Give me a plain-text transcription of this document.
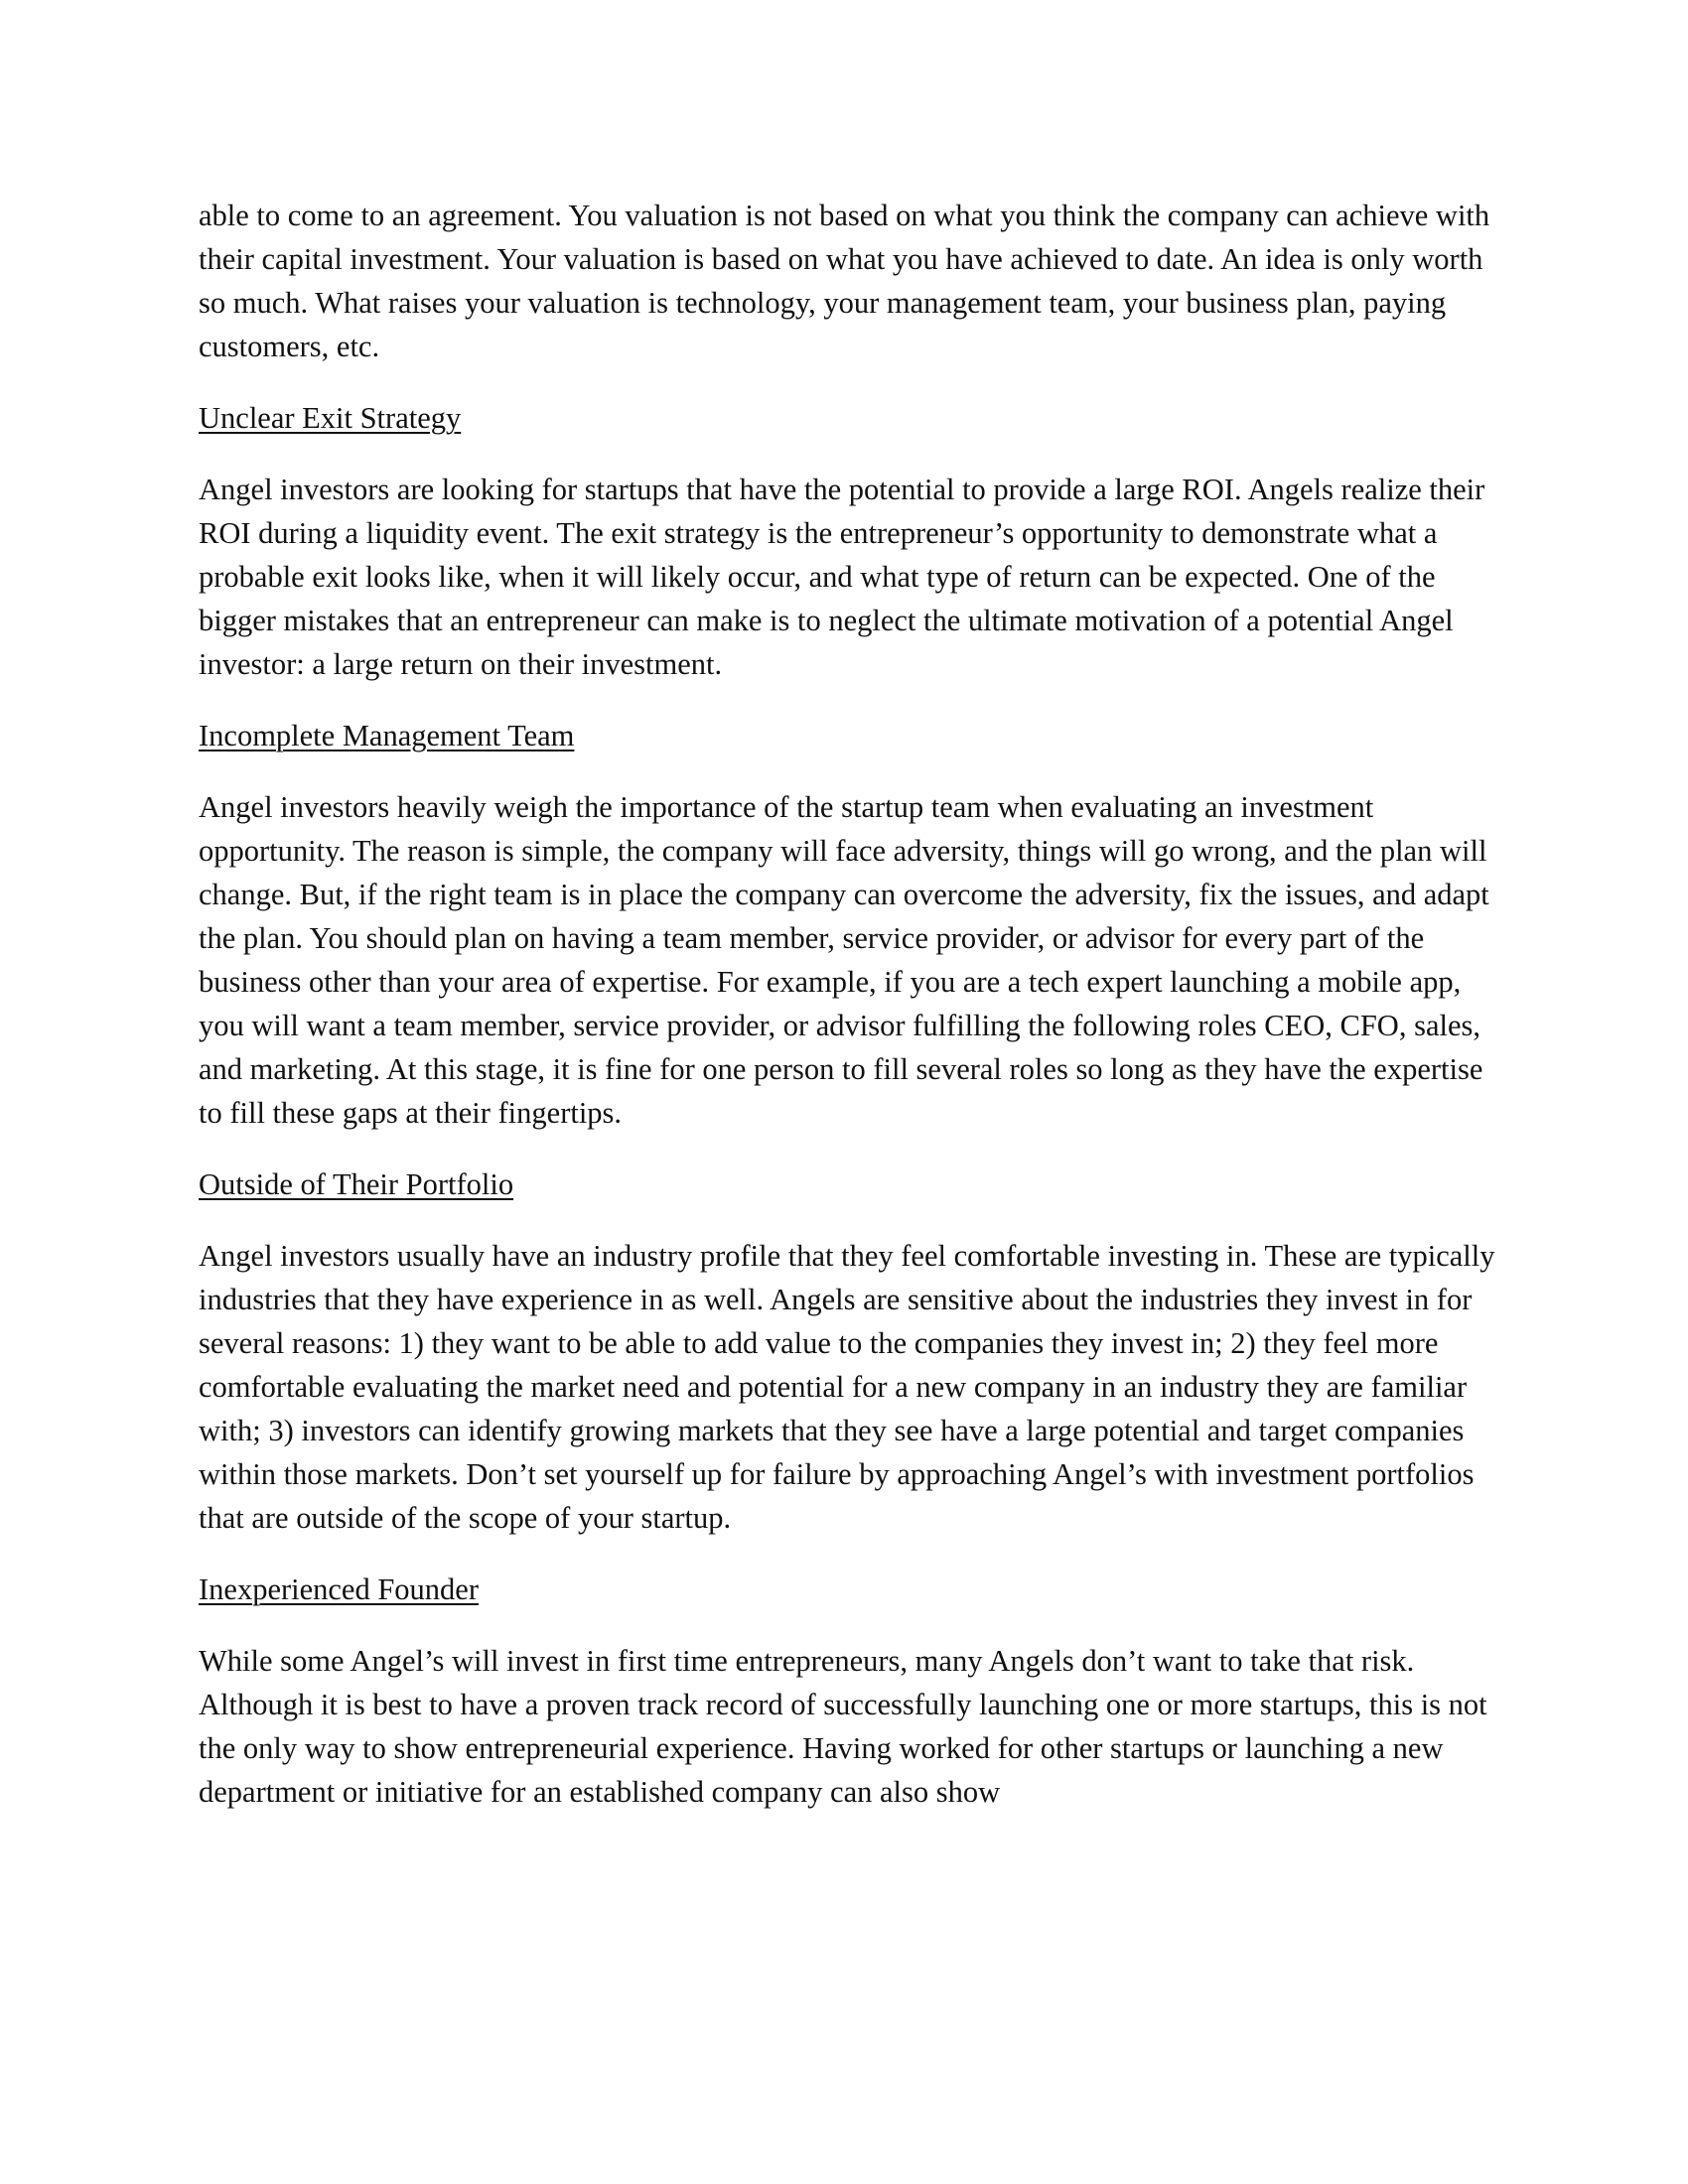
able to come to an agreement. You valuation is not based on what you think the company can achieve with their capital investment. Your valuation is based on what you have achieved to date. An idea is only worth so much. What raises your valuation is technology, your management team, your business plan, paying customers, etc.

Unclear Exit Strategy

Angel investors are looking for startups that have the potential to provide a large ROI. Angels realize their ROI during a liquidity event. The exit strategy is the entrepreneur’s opportunity to demonstrate what a probable exit looks like, when it will likely occur, and what type of return can be expected. One of the bigger mistakes that an entrepreneur can make is to neglect the ultimate motivation of a potential Angel investor: a large return on their investment.

Incomplete Management Team

Angel investors heavily weigh the importance of the startup team when evaluating an investment opportunity. The reason is simple, the company will face adversity, things will go wrong, and the plan will change. But, if the right team is in place the company can overcome the adversity, fix the issues, and adapt the plan. You should plan on having a team member, service provider, or advisor for every part of the business other than your area of expertise. For example, if you are a tech expert launching a mobile app, you will want a team member, service provider, or advisor fulfilling the following roles CEO, CFO, sales, and marketing. At this stage, it is fine for one person to fill several roles so long as they have the expertise to fill these gaps at their fingertips.

Outside of Their Portfolio

Angel investors usually have an industry profile that they feel comfortable investing in. These are typically industries that they have experience in as well. Angels are sensitive about the industries they invest in for several reasons: 1) they want to be able to add value to the companies they invest in; 2) they feel more comfortable evaluating the market need and potential for a new company in an industry they are familiar with; 3) investors can identify growing markets that they see have a large potential and target companies within those markets. Don’t set yourself up for failure by approaching Angel’s with investment portfolios that are outside of the scope of your startup.

Inexperienced Founder

While some Angel’s will invest in first time entrepreneurs, many Angels don’t want to take that risk. Although it is best to have a proven track record of successfully launching one or more startups, this is not the only way to show entrepreneurial experience. Having worked for other startups or launching a new department or initiative for an established company can also show
